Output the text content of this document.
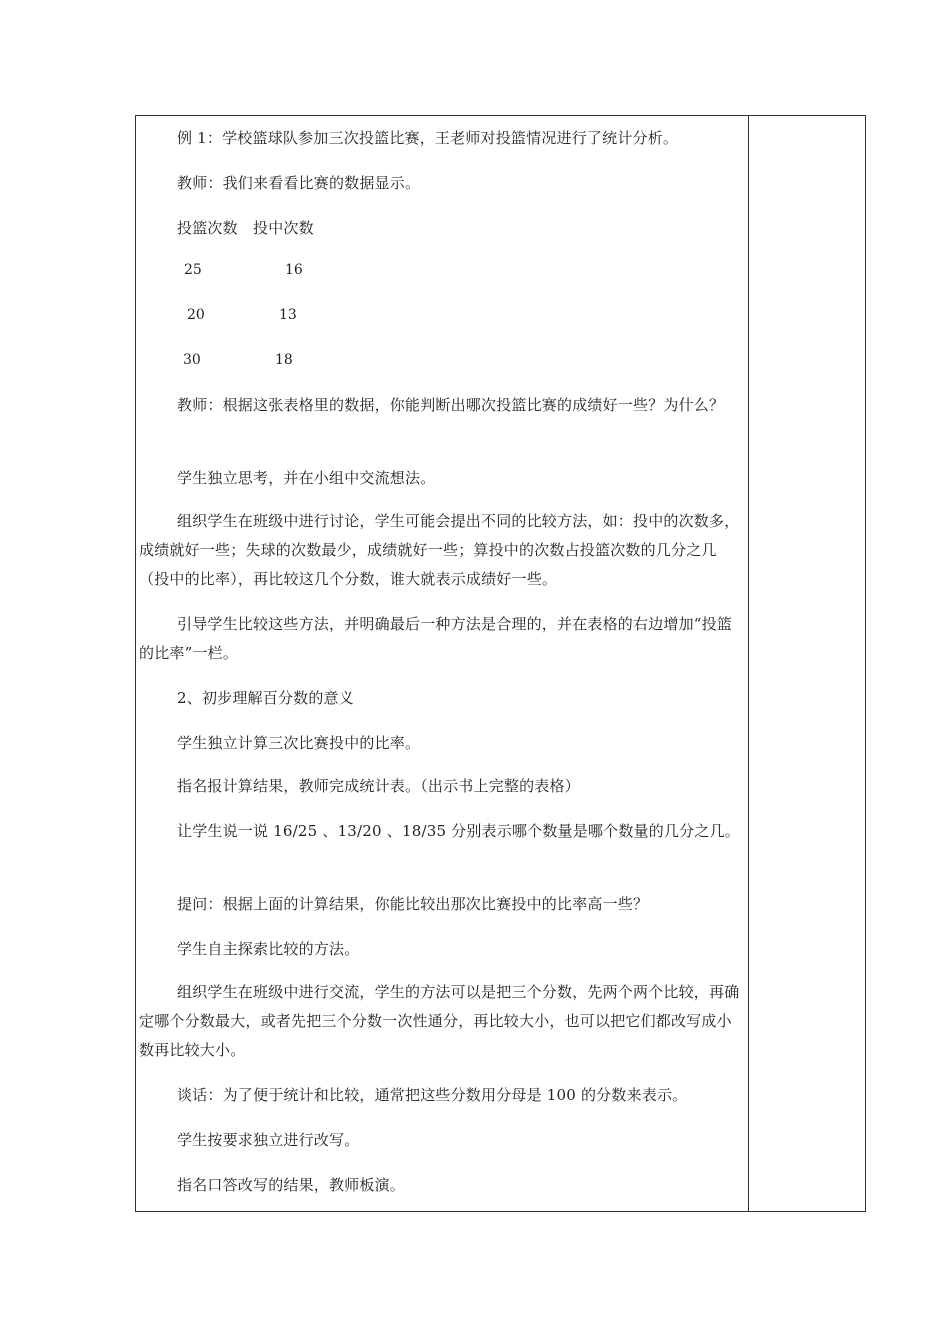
例 1：学校篮球队参加三次投篮比赛，王老师对投篮情况进行了统计分析。
教师：我们来看看比赛的数据显示。
投篮次数　投中次数
25	16
20	13
30	18
教师：根据这张表格里的数据，你能判断出哪次投篮比赛的成绩好一些？为什么？
学生独立思考，并在小组中交流想法。
组织学生在班级中进行讨论，学生可能会提出不同的比较方法，如：投中的次数多，成绩就好一些；失球的次数最少，成绩就好一些；算投中的次数占投篮次数的几分之几（投中的比率），再比较这几个分数，谁大就表示成绩好一些。
引导学生比较这些方法，并明确最后一种方法是合理的，并在表格的右边增加“投篮的比率”一栏。
2、初步理解百分数的意义
学生独立计算三次比赛投中的比率。
指名报计算结果，教师完成统计表。（出示书上完整的表格）
让学生说一说 16/25 、13/20 、18/35 分别表示哪个数量是哪个数量的几分之几。
提问：根据上面的计算结果，你能比较出那次比赛投中的比率高一些？
学生自主探索比较的方法。
组织学生在班级中进行交流，学生的方法可以是把三个分数，先两个两个比较，再确定哪个分数最大，或者先把三个分数一次性通分，再比较大小，也可以把它们都改写成小数再比较大小。
谈话：为了便于统计和比较，通常把这些分数用分母是 100 的分数来表示。
学生按要求独立进行改写。
指名口答改写的结果，教师板演。
